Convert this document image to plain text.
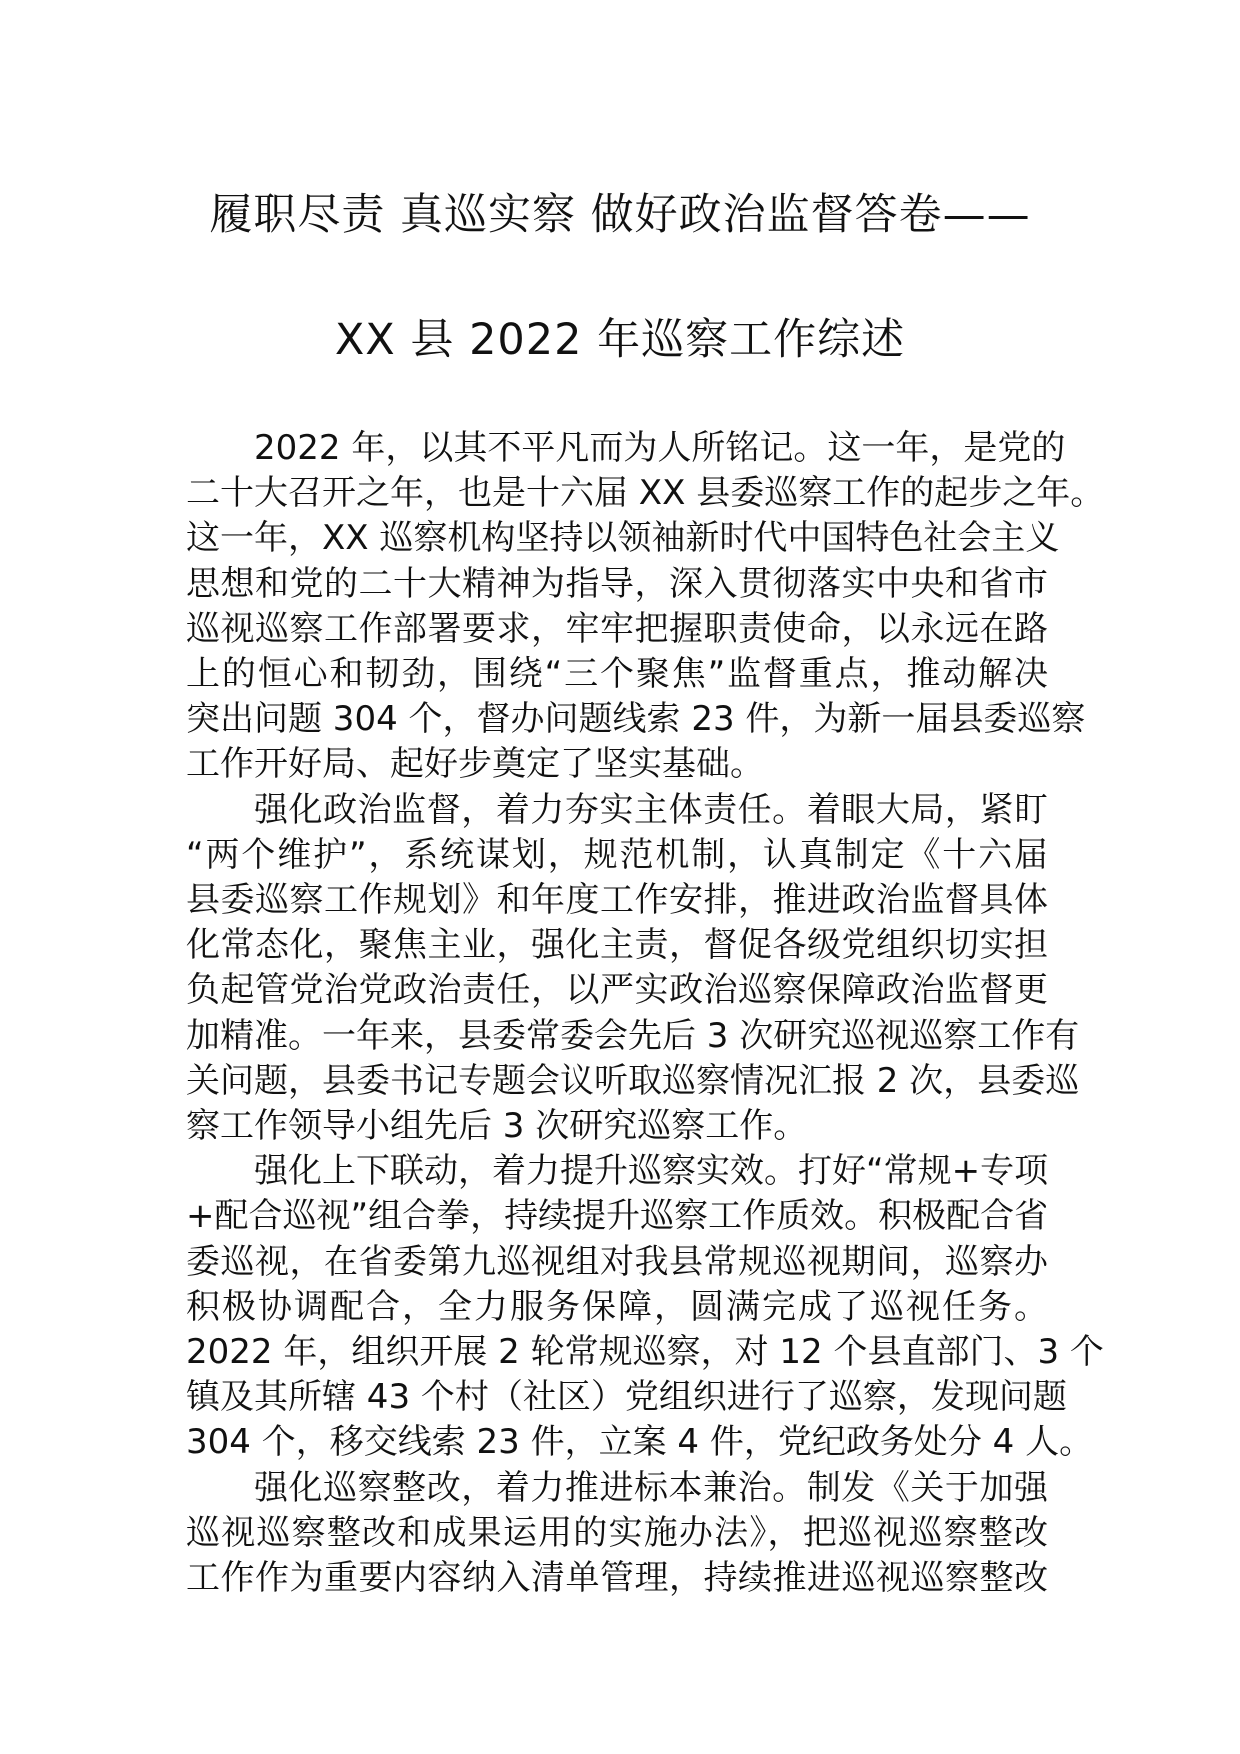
履职尽责 真巡实察 做好政治监督答卷——
XX 县 2022 年巡察工作综述

2022 年，以其不平凡而为人所铭记。这一年，是党的
二十大召开之年，也是十六届 XX 县委巡察工作的起步之年。
这一年，XX 巡察机构坚持以领袖新时代中国特色社会主义
思想和党的二十大精神为指导，深入贯彻落实中央和省市
巡视巡察工作部署要求，牢牢把握职责使命，以永远在路
上的恒心和韧劲，围绕“三个聚焦”监督重点，推动解决
突出问题 304 个，督办问题线索 23 件，为新一届县委巡察
工作开好局、起好步奠定了坚实基础。

强化政治监督，着力夯实主体责任。着眼大局，紧盯
“两个维护”，系统谋划，规范机制，认真制定《十六届
县委巡察工作规划》和年度工作安排，推进政治监督具体
化常态化，聚焦主业，强化主责，督促各级党组织切实担
负起管党治党政治责任，以严实政治巡察保障政治监督更
加精准。一年来，县委常委会先后 3 次研究巡视巡察工作有
关问题，县委书记专题会议听取巡察情况汇报 2 次，县委巡
察工作领导小组先后 3 次研究巡察工作。

强化上下联动，着力提升巡察实效。打好“常规+专项
+配合巡视”组合拳，持续提升巡察工作质效。积极配合省
委巡视，在省委第九巡视组对我县常规巡视期间，巡察办
积极协调配合，全力服务保障，圆满完成了巡视任务。
2022 年，组织开展 2 轮常规巡察，对 12 个县直部门、3 个
镇及其所辖 43 个村（社区）党组织进行了巡察，发现问题
304 个，移交线索 23 件，立案 4 件，党纪政务处分 4 人。

强化巡察整改，着力推进标本兼治。制发《关于加强
巡视巡察整改和成果运用的实施办法》，把巡视巡察整改
工作作为重要内容纳入清单管理，持续推进巡视巡察整改
